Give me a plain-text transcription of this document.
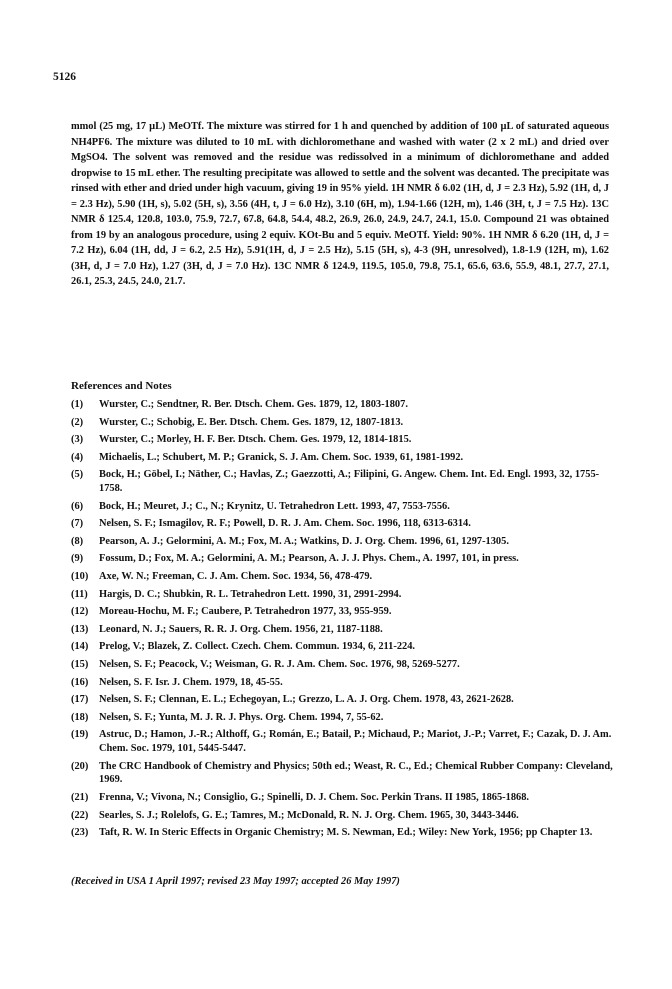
5126

mmol (25 mg, 17 µL) MeOTf. The mixture was stirred for 1 h and quenched by addition of 100 µL of saturated aqueous NH4PF6. The mixture was diluted to 10 mL with dichloromethane and washed with water (2 x 2 mL) and dried over MgSO4. The solvent was removed and the residue was redissolved in a minimum of dichloromethane and added dropwise to 15 mL ether. The resulting precipitate was allowed to settle and the solvent was decanted. The precipitate was rinsed with ether and dried under high vacuum, giving 19 in 95% yield. 1H NMR δ 6.02 (1H, d, J = 2.3 Hz), 5.92 (1H, d, J = 2.3 Hz), 5.90 (1H, s), 5.02 (5H, s), 3.56 (4H, t, J = 6.0 Hz), 3.10 (6H, m), 1.94-1.66 (12H, m), 1.46 (3H, t, J = 7.5 Hz). 13C NMR δ 125.4, 120.8, 103.0, 75.9, 72.7, 67.8, 64.8, 54.4, 48.2, 26.9, 26.0, 24.9, 24.7, 24.1, 15.0. Compound 21 was obtained from 19 by an analogous procedure, using 2 equiv. KOt-Bu and 5 equiv. MeOTf. Yield: 90%. 1H NMR δ 6.20 (1H, d, J = 7.2 Hz), 6.04 (1H, dd, J = 6.2, 2.5 Hz), 5.91(1H, d, J = 2.5 Hz), 5.15 (5H, s), 4-3 (9H, unresolved), 1.8-1.9 (12H, m), 1.62 (3H, d, J = 7.0 Hz), 1.27 (3H, d, J = 7.0 Hz). 13C NMR δ 124.9, 119.5, 105.0, 79.8, 75.1, 65.6, 63.6, 55.9, 48.1, 27.7, 27.1, 26.1, 25.3, 24.5, 24.0, 21.7.

References and Notes
(1)	Wurster, C.; Sendtner, R. Ber. Dtsch. Chem. Ges. 1879, 12, 1803-1807.
(2)	Wurster, C.; Schobig, E. Ber. Dtsch. Chem. Ges. 1879, 12, 1807-1813.
(3)	Wurster, C.; Morley, H. F. Ber. Dtsch. Chem. Ges. 1979, 12, 1814-1815.
(4)	Michaelis, L.; Schubert, M. P.; Granick, S. J. Am. Chem. Soc. 1939, 61, 1981-1992.
(5)	Bock, H.; Göbel, I.; Näther, C.; Havlas, Z.; Gaezzotti, A.; Filipini, G. Angew. Chem. Int. Ed. Engl. 1993, 32, 1755-1758.
(6)	Bock, H.; Meuret, J.; C., N.; Krynitz, U. Tetrahedron Lett. 1993, 47, 7553-7556.
(7)	Nelsen, S. F.; Ismagilov, R. F.; Powell, D. R. J. Am. Chem. Soc. 1996, 118, 6313-6314.
(8)	Pearson, A. J.; Gelormini, A. M.; Fox, M. A.; Watkins, D. J. Org. Chem. 1996, 61, 1297-1305.
(9)	Fossum, D.; Fox, M. A.; Gelormini, A. M.; Pearson, A. J. J. Phys. Chem., A. 1997, 101, in press.
(10)	Axe, W. N.; Freeman, C. J. Am. Chem. Soc. 1934, 56, 478-479.
(11)	Hargis, D. C.; Shubkin, R. L. Tetrahedron Lett. 1990, 31, 2991-2994.
(12)	Moreau-Hochu, M. F.; Caubere, P. Tetrahedron 1977, 33, 955-959.
(13)	Leonard, N. J.; Sauers, R. R. J. Org. Chem. 1956, 21, 1187-1188.
(14)	Prelog, V.; Blazek, Z. Collect. Czech. Chem. Commun. 1934, 6, 211-224.
(15)	Nelsen, S. F.; Peacock, V.; Weisman, G. R. J. Am. Chem. Soc. 1976, 98, 5269-5277.
(16)	Nelsen, S. F. Isr. J. Chem. 1979, 18, 45-55.
(17)	Nelsen, S. F.; Clennan, E. L.; Echegoyan, L.; Grezzo, L. A. J. Org. Chem. 1978, 43, 2621-2628.
(18)	Nelsen, S. F.; Yunta, M. J. R. J. Phys. Org. Chem. 1994, 7, 55-62.
(19)	Astruc, D.; Hamon, J.-R.; Althoff, G.; Román, E.; Batail, P.; Michaud, P.; Mariot, J.-P.; Varret, F.; Cazak, D. J. Am. Chem. Soc. 1979, 101, 5445-5447.
(20)	The CRC Handbook of Chemistry and Physics; 50th ed.; Weast, R. C., Ed.; Chemical Rubber Company: Cleveland, 1969.
(21)	Frenna, V.; Vivona, N.; Consiglio, G.; Spinelli, D. J. Chem. Soc. Perkin Trans. II 1985, 1865-1868.
(22)	Searles, S. J.; Rolelofs, G. E.; Tamres, M.; McDonald, R. N. J. Org. Chem. 1965, 30, 3443-3446.
(23)	Taft, R. W. In Steric Effects in Organic Chemistry; M. S. Newman, Ed.; Wiley: New York, 1956; pp Chapter 13.
(Received in USA 1 April 1997; revised 23 May 1997; accepted 26 May 1997)
